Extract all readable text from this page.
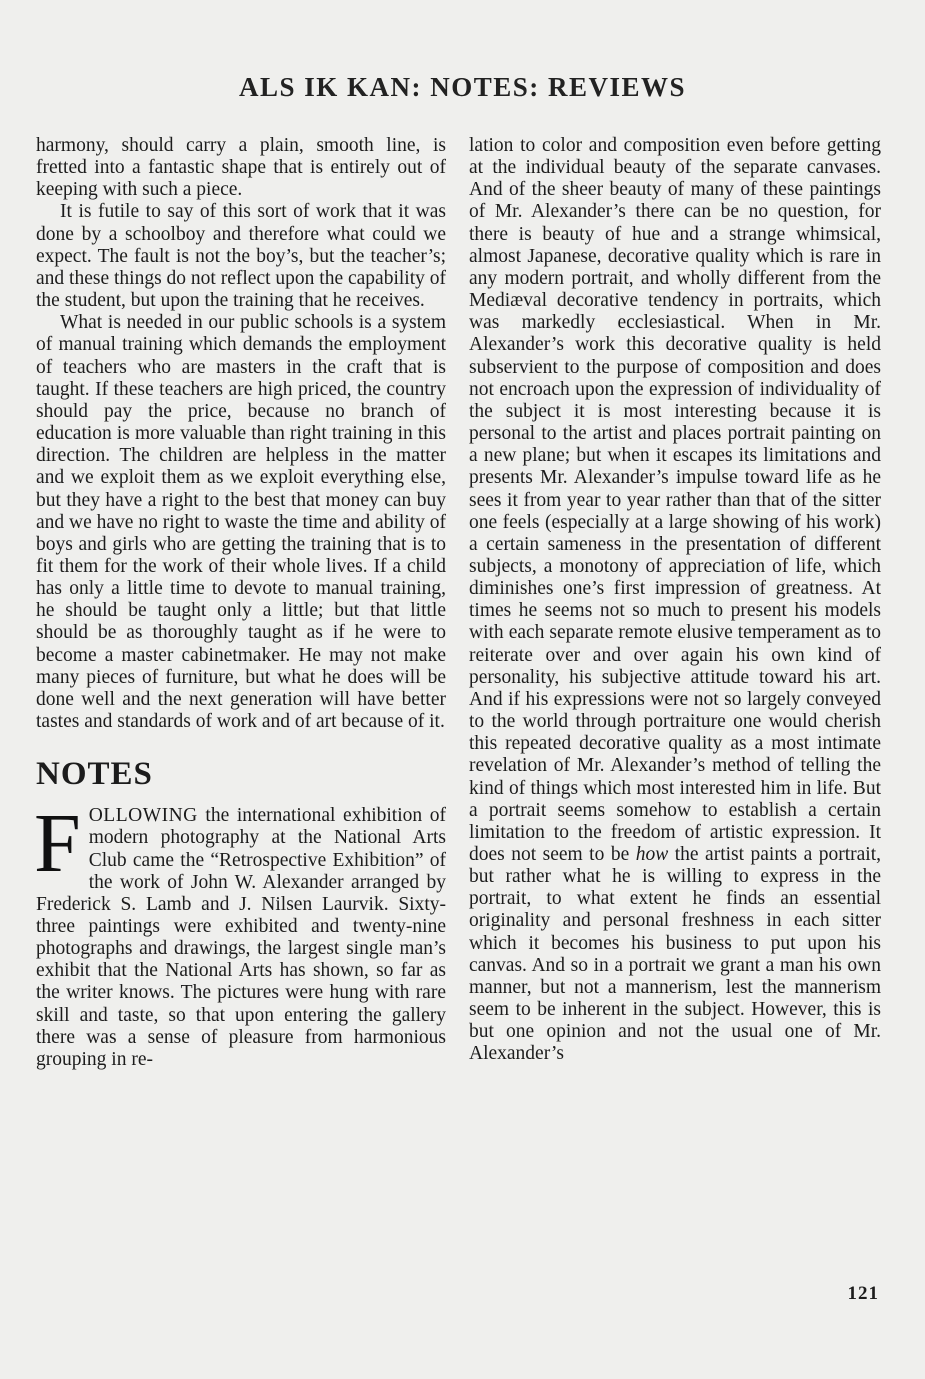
ALS IK KAN: NOTES: REVIEWS

harmony, should carry a plain, smooth line, is fretted into a fantastic shape that is entirely out of keeping with such a piece.

It is futile to say of this sort of work that it was done by a schoolboy and therefore what could we expect. The fault is not the boy’s, but the teacher’s; and these things do not reflect upon the capability of the student, but upon the training that he receives.

What is needed in our public schools is a system of manual training which demands the employment of teachers who are masters in the craft that is taught. If these teachers are high priced, the country should pay the price, because no branch of education is more valuable than right training in this direction. The children are helpless in the matter and we exploit them as we exploit everything else, but they have a right to the best that money can buy and we have no right to waste the time and ability of boys and girls who are getting the training that is to fit them for the work of their whole lives. If a child has only a little time to devote to manual training, he should be taught only a little; but that little should be as thoroughly taught as if he were to become a master cabinetmaker. He may not make many pieces of furniture, but what he does will be done well and the next generation will have better tastes and standards of work and of art because of it.

NOTES

FOLLOWING the international exhibition of modern photography at the National Arts Club came the “Retrospective Exhibition” of the work of John W. Alexander arranged by Frederick S. Lamb and J. Nilsen Laurvik. Sixty-three paintings were exhibited and twenty-nine photographs and drawings, the largest single man’s exhibit that the National Arts has shown, so far as the writer knows. The pictures were hung with rare skill and taste, so that upon entering the gallery there was a sense of pleasure from harmonious grouping in re-

lation to color and composition even before getting at the individual beauty of the separate canvases. And of the sheer beauty of many of these paintings of Mr. Alexander’s there can be no question, for there is beauty of hue and a strange whimsical, almost Japanese, decorative quality which is rare in any modern portrait, and wholly different from the Mediæval decorative tendency in portraits, which was markedly ecclesiastical. When in Mr. Alexander’s work this decorative quality is held subservient to the purpose of composition and does not encroach upon the expression of individuality of the subject it is most interesting because it is personal to the artist and places portrait painting on a new plane; but when it escapes its limitations and presents Mr. Alexander’s impulse toward life as he sees it from year to year rather than that of the sitter one feels (especially at a large showing of his work) a certain sameness in the presentation of different subjects, a monotony of appreciation of life, which diminishes one’s first impression of greatness. At times he seems not so much to present his models with each separate remote elusive temperament as to reiterate over and over again his own kind of personality, his subjective attitude toward his art. And if his expressions were not so largely conveyed to the world through portraiture one would cherish this repeated decorative quality as a most intimate revelation of Mr. Alexander’s method of telling the kind of things which most interested him in life. But a portrait seems somehow to establish a certain limitation to the freedom of artistic expression. It does not seem to be how the artist paints a portrait, but rather what he is willing to express in the portrait, to what extent he finds an essential originality and personal freshness in each sitter which it becomes his business to put upon his canvas. And so in a portrait we grant a man his own manner, but not a mannerism, lest the mannerism seem to be inherent in the subject. However, this is but one opinion and not the usual one of Mr. Alexander’s

121
